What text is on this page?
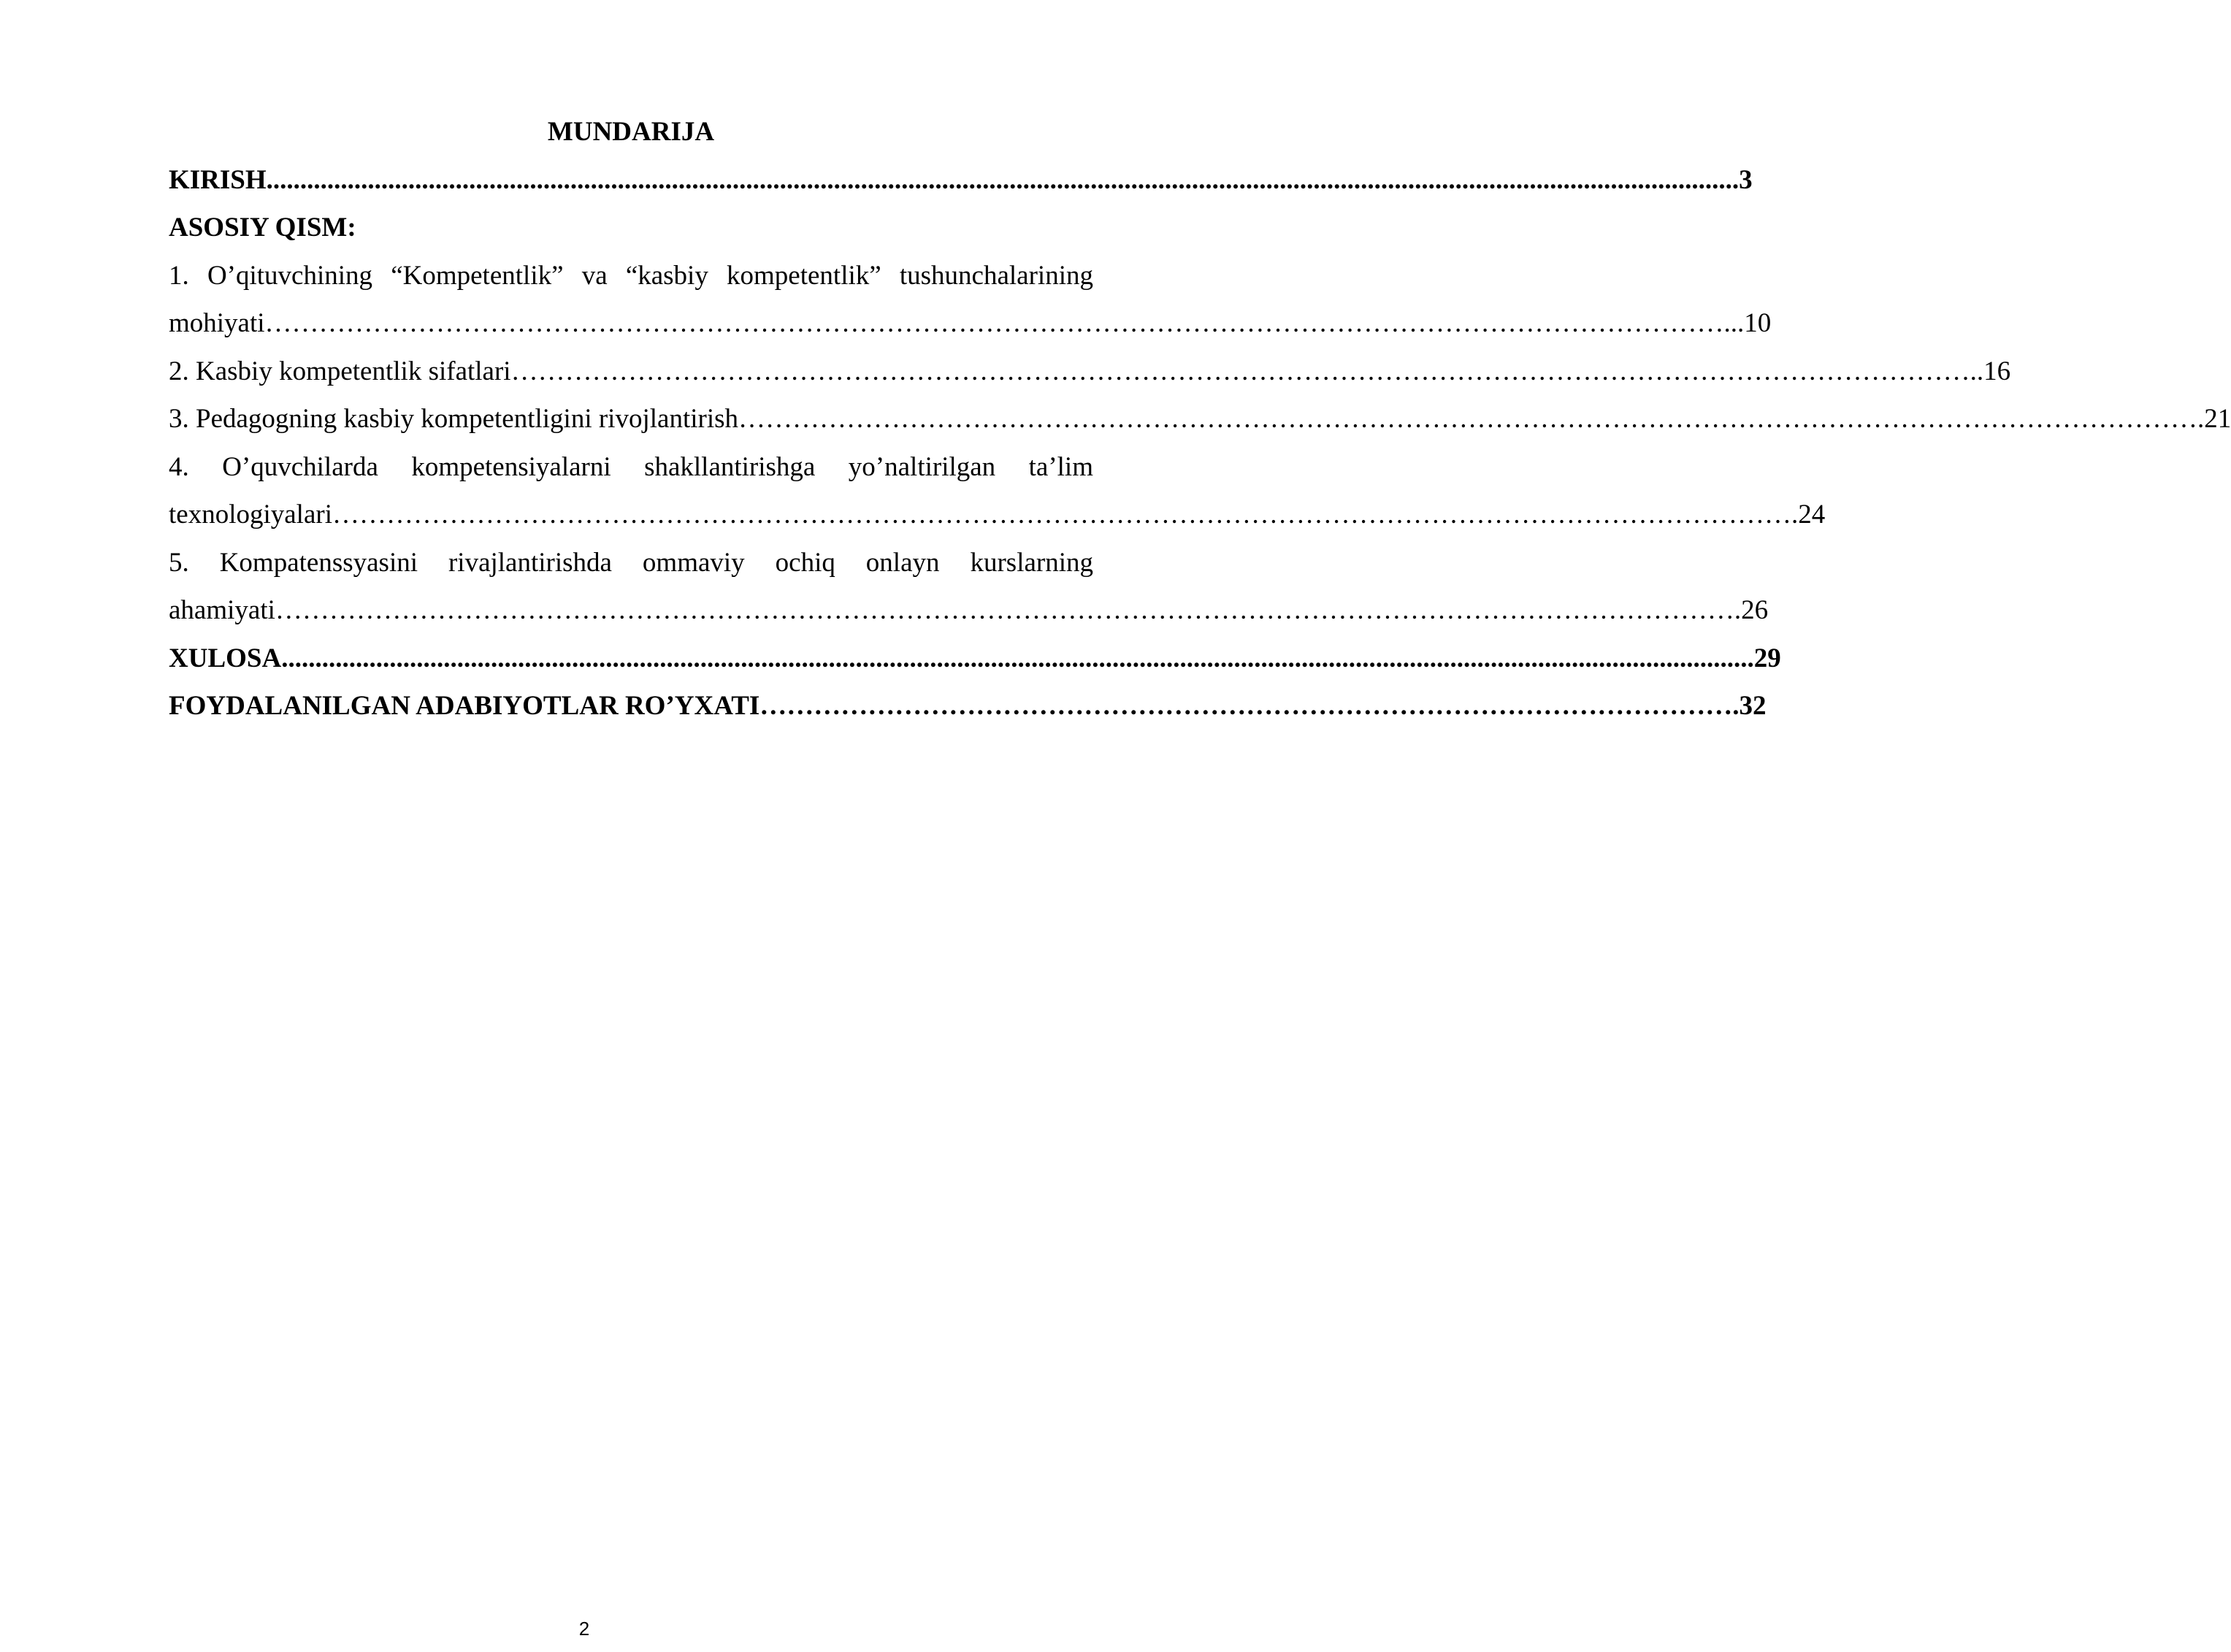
MUNDARIJA

KIRISH .......................................................................................................................................................................................................................... 3

ASOSIY QISM:

1. O’qituvchining “Kompetentlik” va “kasbiy kompetentlik” tushunchalarining

mohiyati ……………………………………………………………………………………………………………………………………………… ...10
2. Kasbiy kompetentlik sifatlari ……………………………………………………………………………………………………………………………………………… ..16
3. Pedagogning kasbiy kompetentligini rivojlantirish ……………………………………………………………………………………………………………………………………………… .21

4. O’quvchilarda kompetensiyalarni shakllantirishga yo’naltirilgan ta’lim

texnologiyalari ……………………………………………………………………………………………………………………………………………… .24

5. Kompatenssyasini rivajlantirishda ommaviy ochiq onlayn kurslarning

ahamiyati ……………………………………………………………………………………………………………………………………………… .26
XULOSA .......................................................................................................................................................................................................................... 29
FOYDALANILGAN ADABIYOTLAR RO’YXATI ……………………………………………………………………………………………… .32
2
